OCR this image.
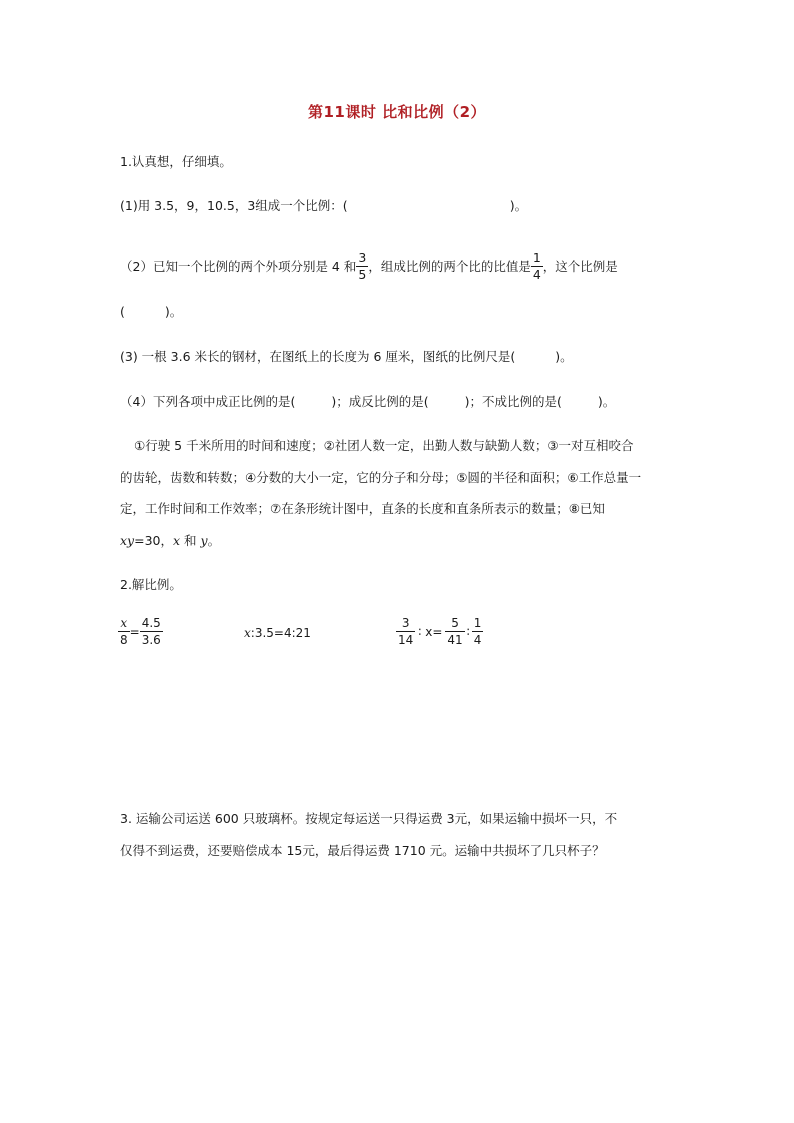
第11课时 比和比例（2）
1.认真想，仔细填。
(1)用 3.5，9，10.5，3组成一个比例：(	)。
（2）已知一个比例的两个外项分别是 4 和 $\frac{3}{5}$ ，组成比例的两个比的比值是 $\frac{1}{4}$ ，这个比例是
(	)。
(3) 一根 3.6 米长的钢材，在图纸上的长度为 6 厘米，图纸的比例尺是(	)。
（4）下列各项中成正比例的是(	)；成反比例的是(	)；不成比例的是(	)。
①行驶 5 千米所用的时间和速度；②社团人数一定，出勤人数与缺勤人数；③一对互相咬合
的齿轮，齿数和转数；④分数的大小一定，它的分子和分母；⑤圆的半径和面积；⑥工作总量一
定，工作时间和工作效率；⑦在条形统计图中，直条的长度和直条所表示的数量；⑧已知
xy=30，x 和 y。
2.解比例。
$\frac{x}{8} = \frac{4.5}{3.6}$	x:3.5=4:21	$\frac{3}{14}$ ∶ $x= \frac{5}{41}$ ∶ $\frac{1}{4}$
3. 运输公司运送 600 只玻璃杯。按规定每运送一只得运费 3元，如果运输中损坏一只，不
仅得不到运费，还要赔偿成本 15元，最后得运费 1710 元。运输中共损坏了几只杯子？
